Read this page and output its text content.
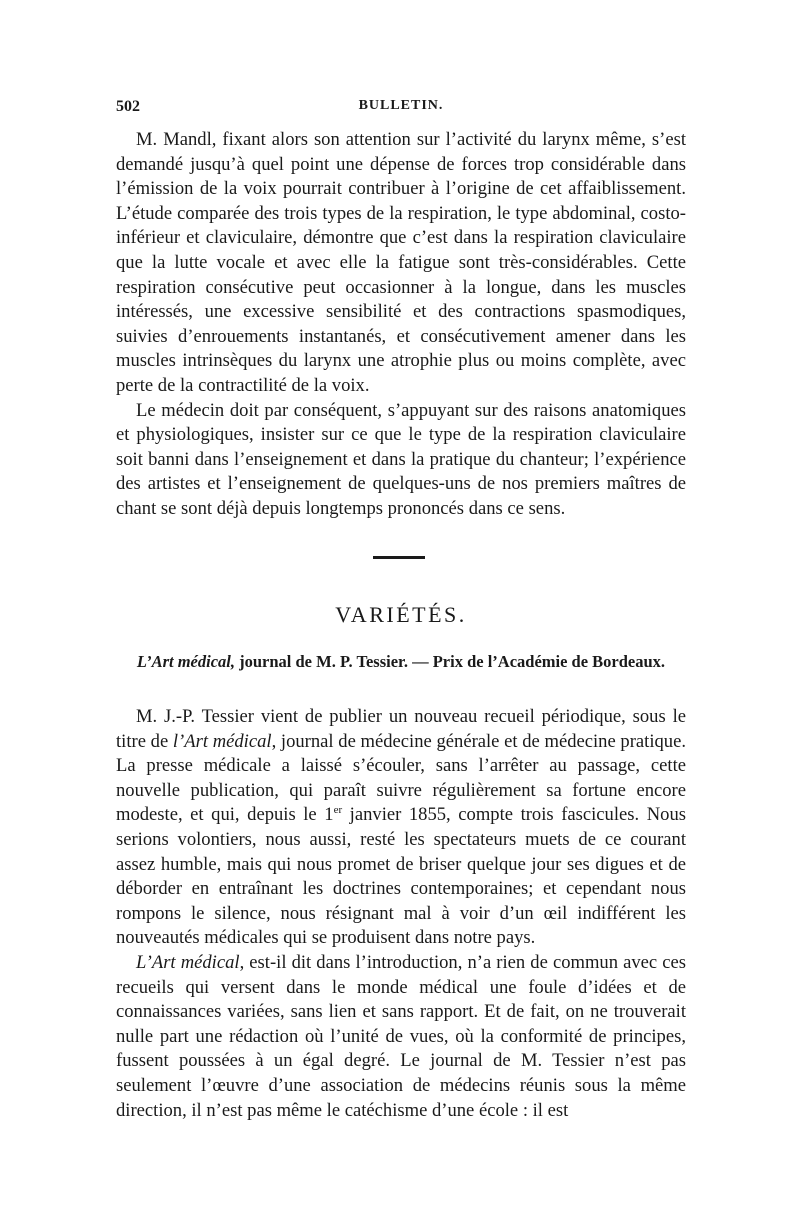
502	BULLETIN.

M. Mandl, fixant alors son attention sur l’activité du larynx même, s’est demandé jusqu’à quel point une dépense de forces trop considérable dans l’émission de la voix pourrait contribuer à l’origine de cet affaiblissement. L’étude comparée des trois types de la respiration, le type abdominal, costo-inférieur et claviculaire, démontre que c’est dans la respiration claviculaire que la lutte vocale et avec elle la fatigue sont très-considérables. Cette respiration consécutive peut occasionner à la longue, dans les muscles intéressés, une excessive sensibilité et des contractions spasmodiques, suivies d’enrouements instantanés, et consécutivement amener dans les muscles intrinsèques du larynx une atrophie plus ou moins complète, avec perte de la contractilité de la voix.

Le médecin doit par conséquent, s’appuyant sur des raisons anatomiques et physiologiques, insister sur ce que le type de la respiration claviculaire soit banni dans l’enseignement et dans la pratique du chanteur; l’expérience des artistes et l’enseignement de quelques-uns de nos premiers maîtres de chant se sont déjà depuis longtemps prononcés dans ce sens.

VARIÉTÉS.
L’Art médical, journal de M. P. Tessier. — Prix de l’Académie de Bordeaux.

M. J.-P. Tessier vient de publier un nouveau recueil périodique, sous le titre de l’Art médical, journal de médecine générale et de médecine pratique. La presse médicale a laissé s’écouler, sans l’arrêter au passage, cette nouvelle publication, qui paraît suivre régulièrement sa fortune encore modeste, et qui, depuis le 1er janvier 1855, compte trois fascicules. Nous serions volontiers, nous aussi, resté les spectateurs muets de ce courant assez humble, mais qui nous promet de briser quelque jour ses digues et de déborder en entraînant les doctrines contemporaines; et cependant nous rompons le silence, nous résignant mal à voir d’un œil indifférent les nouveautés médicales qui se produisent dans notre pays.

L’Art médical, est-il dit dans l’introduction, n’a rien de commun avec ces recueils qui versent dans le monde médical une foule d’idées et de connaissances variées, sans lien et sans rapport. Et de fait, on ne trouverait nulle part une rédaction où l’unité de vues, où la conformité de principes, fussent poussées à un égal degré. Le journal de M. Tessier n’est pas seulement l’œuvre d’une association de médecins réunis sous la même direction, il n’est pas même le catéchisme d’une école : il est
